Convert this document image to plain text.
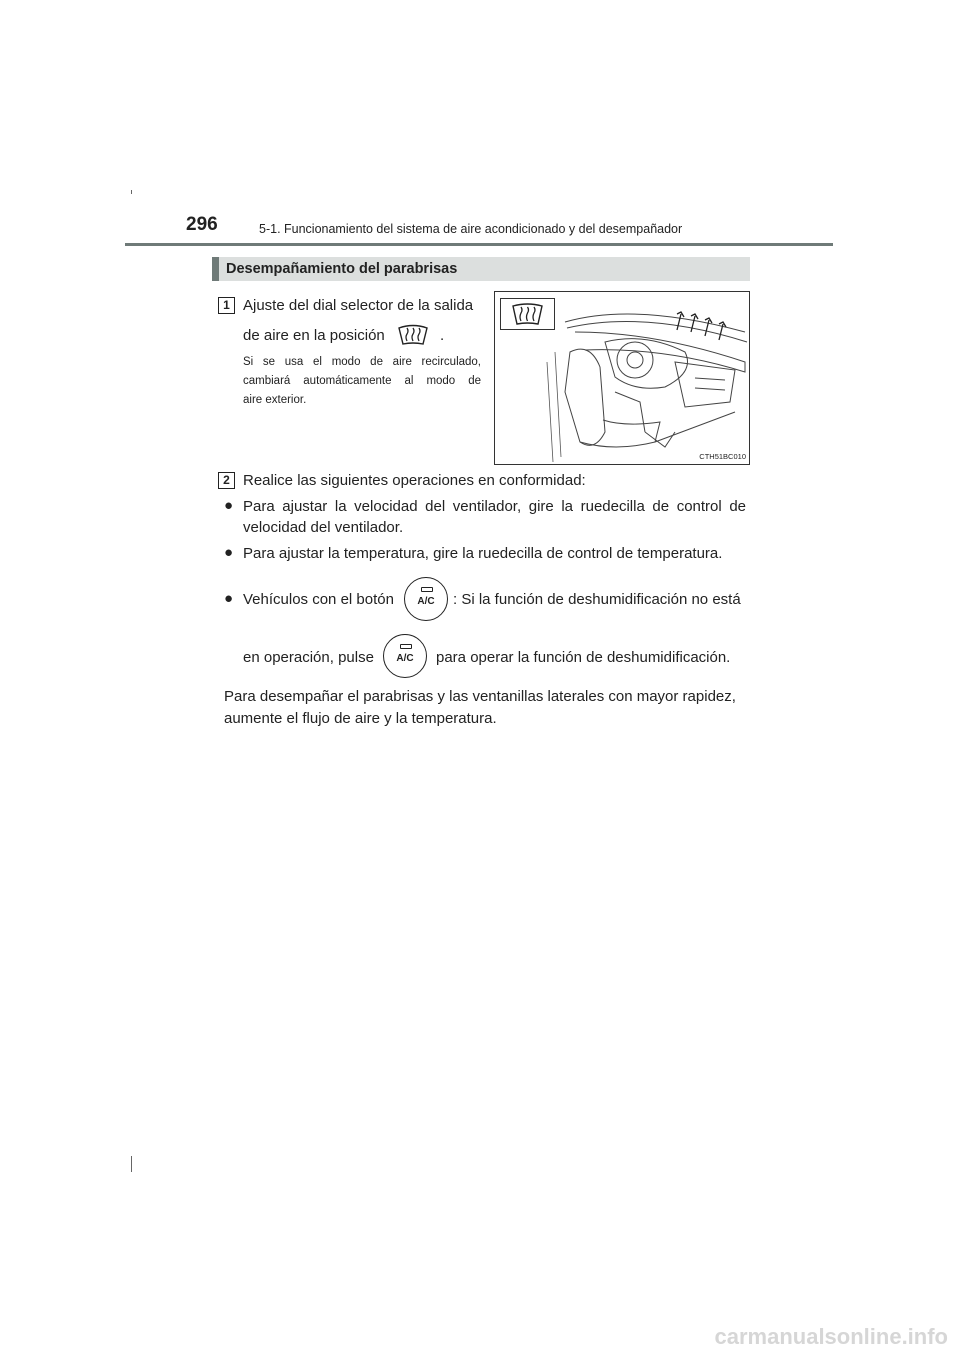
296	5-1. Funcionamiento del sistema de aire acondicionado y del desempañador
Desempañamiento del parabrisas
1 Ajuste del dial selector de la salida
de aire en la posición	.
Si se usa el modo de aire recirculado,
cambiará automáticamente al modo de
aire exterior.
CTH51BC010
2 Realice las siguientes operaciones en conformidad:
● Para ajustar la velocidad del ventilador, gire la ruedecilla de control de
velocidad del ventilador.
● Para ajustar la temperatura, gire la ruedecilla de control de temperatura.
● Vehículos con el botón	A/C	: Si la función de deshumidificación no está
en operación, pulse	A/C	para operar la función de deshumidificación.
Para desempañar el parabrisas y las ventanillas laterales con mayor rapidez,
aumente el flujo de aire y la temperatura.
carmanualsonline.info
